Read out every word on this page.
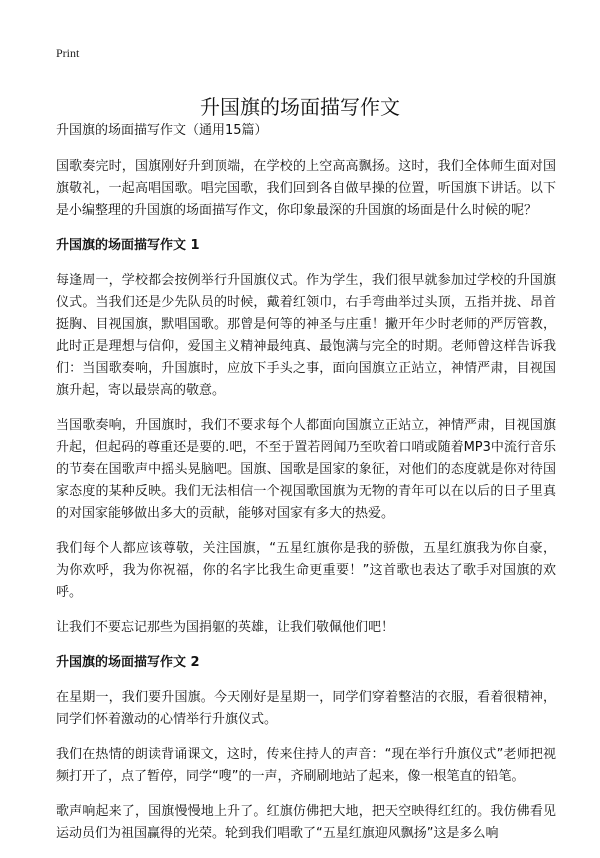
Print
升国旗的场面描写作文

升国旗的场面描写作文（通用15篇）

国歌奏完时，国旗刚好升到顶端，在学校的上空高高飘扬。这时，我们全体师生面对国旗敬礼，一起高唱国歌。唱完国歌，我们回到各自做早操的位置，听国旗下讲话。以下是小编整理的升国旗的场面描写作文，你印象最深的升国旗的场面是什么时候的呢？

升国旗的场面描写作文 1

每逢周一，学校都会按例举行升国旗仪式。作为学生，我们很早就参加过学校的升国旗仪式。当我们还是少先队员的时候，戴着红领巾，右手弯曲举过头顶，五指并拢、昂首挺胸、目视国旗，默唱国歌。那曾是何等的神圣与庄重！撇开年少时老师的严厉管教，此时正是理想与信仰，爱国主义精神最纯真、最饱满与完全的时期。老师曾这样告诉我们：当国歌奏响，升国旗时，应放下手头之事，面向国旗立正站立，神情严肃，目视国旗升起，寄以最崇高的敬意。

当国歌奏响，升国旗时，我们不要求每个人都面向国旗立正站立，神情严肃，目视国旗升起，但起码的尊重还是要的.吧，不至于置若罔闻乃至吹着口哨或随着MP3中流行音乐的节奏在国歌声中摇头晃脑吧。国旗、国歌是国家的象征，对他们的态度就是你对待国家态度的某种反映。我们无法相信一个视国歌国旗为无物的青年可以在以后的日子里真的对国家能够做出多大的贡献，能够对国家有多大的热爱。

我们每个人都应该尊敬，关注国旗，“五星红旗你是我的骄傲，五星红旗我为你自豪，为你欢呼，我为你祝福，你的名字比我生命更重要！”这首歌也表达了歌手对国旗的欢呼。

让我们不要忘记那些为国捐躯的英雄，让我们敬佩他们吧！

升国旗的场面描写作文 2

在星期一，我们要升国旗。今天刚好是星期一，同学们穿着整洁的衣服，看着很精神，同学们怀着激动的心情举行升旗仪式。

我们在热情的朗读背诵课文，这时，传来住持人的声音：“现在举行升旗仪式”老师把视频打开了，点了暂停，同学“嗖”的一声，齐刷刷地站了起来，像一根笔直的铅笔。

歌声响起来了，国旗慢慢地上升了。红旗仿佛把大地，把天空映得红红的。我仿佛看见运动员们为祖国赢得的光荣。轮到我们唱歌了“五星红旗迎风飘扬”这是多么响
